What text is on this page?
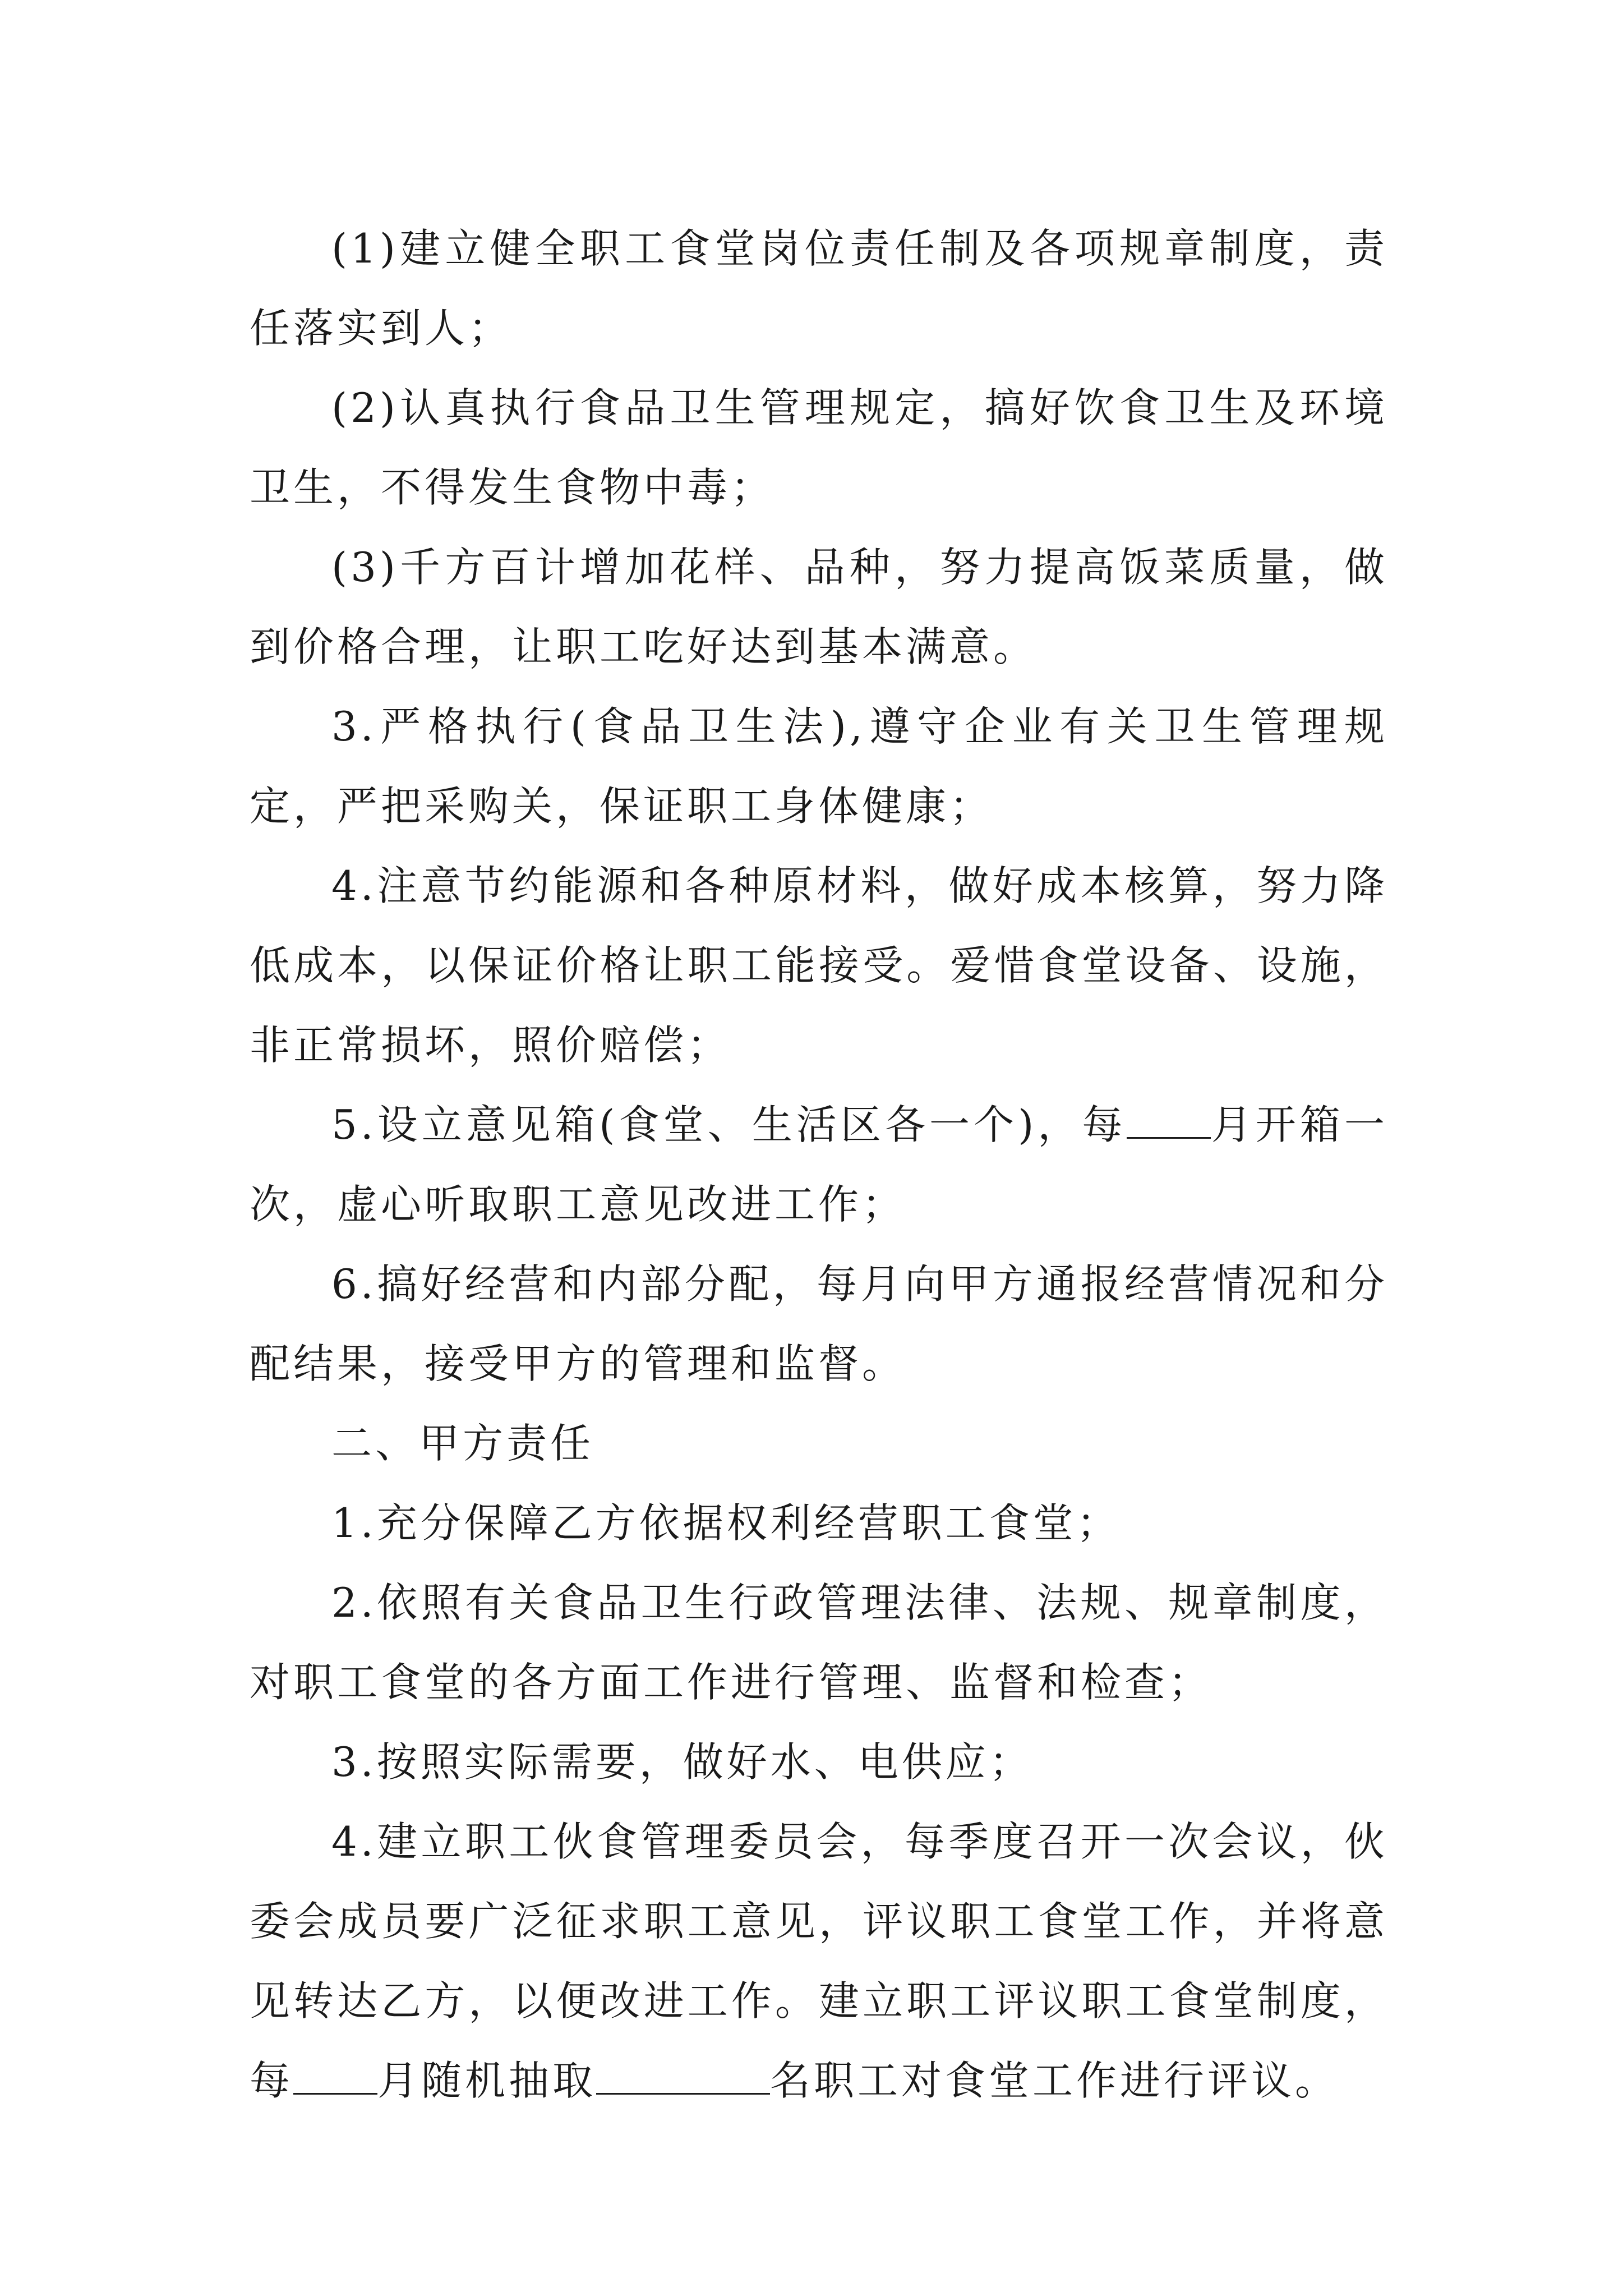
(1)建立健全职工食堂岗位责任制及各项规章制度，责任落实到人；

(2)认真执行食品卫生管理规定，搞好饮食卫生及环境卫生，不得发生食物中毒；

(3)千方百计增加花样、品种，努力提高饭菜质量，做到价格合理，让职工吃好达到基本满意。

3.严格执行(食品卫生法),遵守企业有关卫生管理规定，严把采购关，保证职工身体健康；

4.注意节约能源和各种原材料，做好成本核算，努力降低成本，以保证价格让职工能接受。爱惜食堂设备、设施，非正常损坏，照价赔偿；

5.设立意见箱(食堂、生活区各一个)，每 月开箱一次，虚心听取职工意见改进工作；

6.搞好经营和内部分配，每月向甲方通报经营情况和分配结果，接受甲方的管理和监督。

二、甲方责任

1.充分保障乙方依据权利经营职工食堂；

2.依照有关食品卫生行政管理法律、法规、规章制度，对职工食堂的各方面工作进行管理、监督和检查；

3.按照实际需要，做好水、电供应；

4.建立职工伙食管理委员会，每季度召开一次会议，伙委会成员要广泛征求职工意见，评议职工食堂工作，并将意见转达乙方，以便改进工作。建立职工评议职工食堂制度，每 月随机抽取	名职工对食堂工作进行评议。
